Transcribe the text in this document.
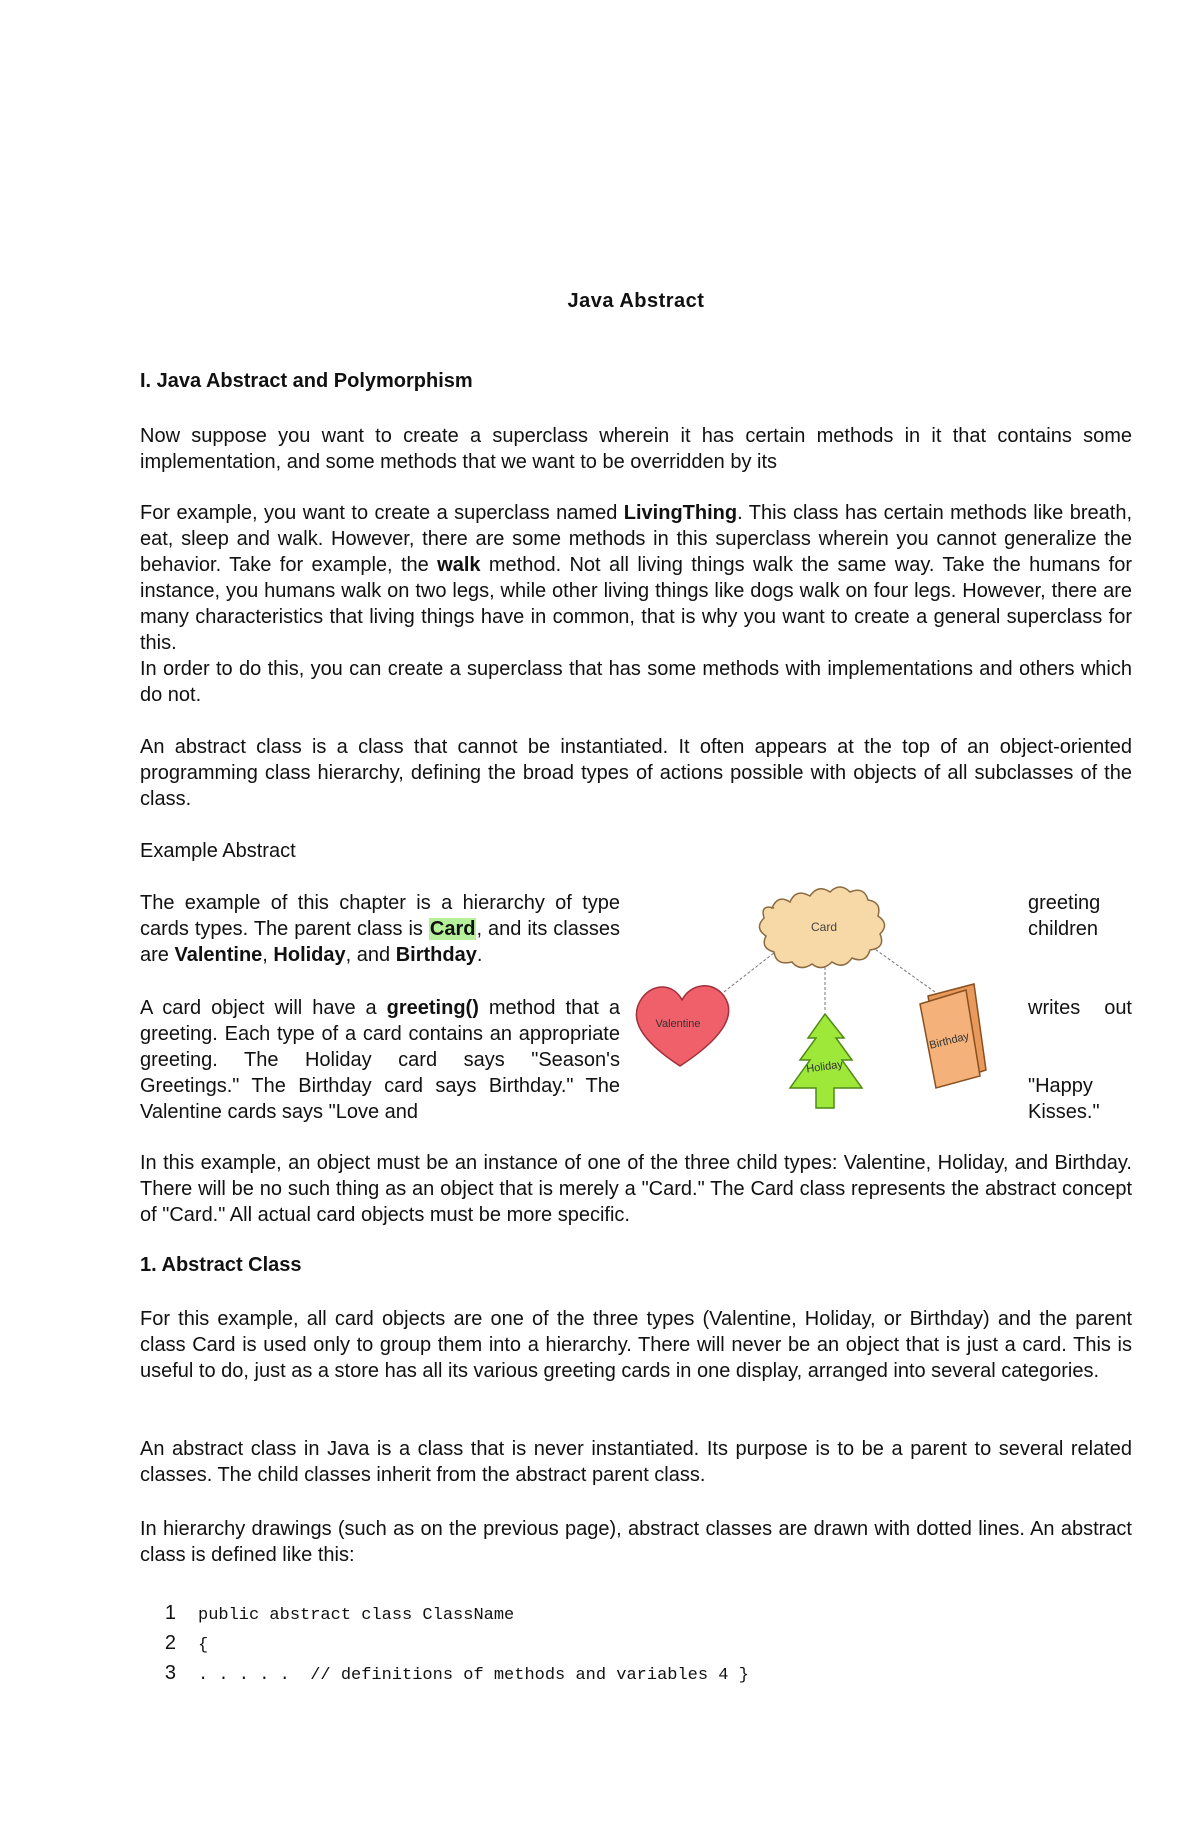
Java Abstract
I. Java Abstract and Polymorphism

Now suppose you want to create a superclass wherein it has certain methods in it that contains some implementation, and some methods that we want to be overridden by its

For example, you want to create a superclass named LivingThing. This class has certain methods like breath, eat, sleep and walk. However, there are some methods in this superclass wherein you cannot generalize the behavior. Take for example, the walk method. Not all living things walk the same way. Take the humans for instance, you humans walk on two legs, while other living things like dogs walk on four legs. However, there are many characteristics that living things have in common, that is why you want to create a general superclass for this.

In order to do this, you can create a superclass that has some methods with implementations and others which do not.

An abstract class is a class that cannot be instantiated. It often appears at the top of an object-oriented programming class hierarchy, defining the broad types of actions possible with objects of all subclasses of the class.

Example Abstract

The example of this chapter is a hierarchy of type cards types. The parent class is Card, and its classes are Valentine, Holiday, and Birthday.

A card object will have a greeting() method that a greeting. Each type of a card contains an appropriate greeting. The Holiday card says "Season's Greetings." The Birthday card says Birthday." The Valentine cards says "Love and

greeting
children
writes out
"Happy
Kisses."
Card
Valentine
Holiday
Birthday

In this example, an object must be an instance of one of the three child types: Valentine, Holiday, and Birthday. There will be no such thing as an object that is merely a "Card." The Card class represents the abstract concept of "Card." All actual card objects must be more specific.

1. Abstract Class

For this example, all card objects are one of the three types (Valentine, Holiday, or Birthday) and the parent class Card is used only to group them into a hierarchy. There will never be an object that is just a card. This is useful to do, just as a store has all its various greeting cards in one display, arranged into several categories.

An abstract class in Java is a class that is never instantiated. Its purpose is to be a parent to several related classes. The child classes inherit from the abstract parent class.

In hierarchy drawings (such as on the previous page), abstract classes are drawn with dotted lines. An abstract class is defined like this:

1 public abstract class ClassName
2 {
3 . . . . .  // definitions of methods and variables 4 }
